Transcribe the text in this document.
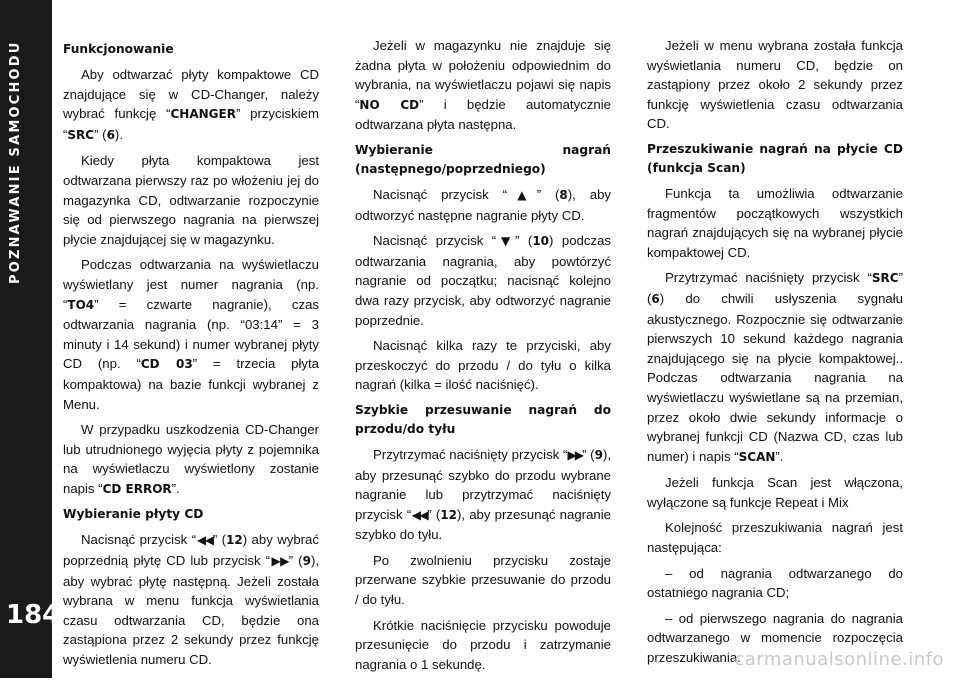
POZNAWANIE SAMOCHODU
184
Funkcjonowanie

Aby odtwarzać płyty kompaktowe CD znajdujące się w CD-Changer, należy wybrać funkcję “CHANGER” przyciskiem “SRC” (6).

Kiedy płyta kompaktowa jest odtwarzana pierwszy raz po włożeniu jej do magazynka CD, odtwarzanie rozpoczynie się od pierwszego nagrania na pierwszej płycie znajdującej się w magazynku.

Podczas odtwarzania na wyświetlaczu wyświetlany jest numer nagrania (np. “TO4” = czwarte nagranie), czas odtwarzania nagrania (np. “03:14” = 3 minuty i 14 sekund) i numer wybranej płyty CD (np. “CD 03” = trzecia płyta kompaktowa) na bazie funkcji wybranej z Menu.

W przypadku uszkodzenia CD-Changer lub utrudnionego wyjęcia płyty z pojemnika na wyświetlaczu wyświetlony zostanie napis “CD ERROR”.

Wybieranie płyty CD

Nacisnąć przycisk “◀◀” (12) aby wybrać poprzednią płytę CD lub przycisk “▶▶” (9), aby wybrać płytę następną. Jeżeli została wybrana w menu funkcja wyświetlania czasu odtwarzania CD, będzie ona zastąpiona przez 2 sekundy przez funkcję wyświetlenia numeru CD.

Jeżeli w magazynku nie znajduje się żadna płyta w położeniu odpowiednim do wybrania, na wyświetlaczu pojawi się napis “NO CD” i będzie automatycznie odtwarzana płyta następna.

Wybieranie nagrań (następnego/poprzedniego)

Nacisnąć przycisk “▲” (8), aby odtworzyć następne nagranie płyty CD.

Nacisnąć przycisk “▼” (10) podczas odtwarzania nagrania, aby powtórzyć nagranie od początku; nacisnąć kolejno dwa razy przycisk, aby odtworzyć nagranie poprzednie.

Nacisnąć kilka razy te przyciski, aby przeskoczyć do przodu / do tyłu o kilka nagrań (kilka = ilość naciśnięć).

Szybkie przesuwanie nagrań do przodu/do tyłu

Przytrzymać naciśnięty przycisk “▶▶” (9), aby przesunąć szybko do przodu wybrane nagranie lub przytrzymać naciśnięty przycisk “◀◀” (12), aby przesunąć nagranie szybko do tyłu.

Po zwolnieniu przycisku zostaje przerwane szybkie przesuwanie do przodu / do tyłu.

Krótkie naciśnięcie przycisku powoduje przesunięcie do przodu i zatrzymanie nagrania o 1 sekundę.

Jeżeli w menu wybrana została funkcja wyświetlania numeru CD, będzie on zastąpiony przez około 2 sekundy przez funkcję wyświetlenia czasu odtwarzania CD.

Przeszukiwanie nagrań na płycie CD (funkcja Scan)

Funkcja ta umożliwia odtwarzanie fragmentów początkowych wszystkich nagrań znajdujących się na wybranej płycie kompaktowej CD.

Przytrzymać naciśnięty przycisk “SRC” (6) do chwili usłyszenia sygnału akustycznego. Rozpocznie się odtwarzanie pierwszych 10 sekund każdego nagrania znajdującego się na płycie kompaktowej.. Podczas odtwarzania nagrania na wyświetlaczu wyświetlane są na przemian, przez około dwie sekundy informacje o wybranej funkcji CD (Nazwa CD, czas lub numer) i napis “SCAN”.

Jeżeli funkcja Scan jest włączona, wyłączone są funkcje Repeat i Mix

Kolejność przeszukiwania nagrań jest następująca:

– od nagrania odtwarzanego do ostatniego nagrania CD;

– od pierwszego nagrania do nagrania odtwarzanego w momencie rozpoczęcia przeszukiwania.

carmanualsonline.info
